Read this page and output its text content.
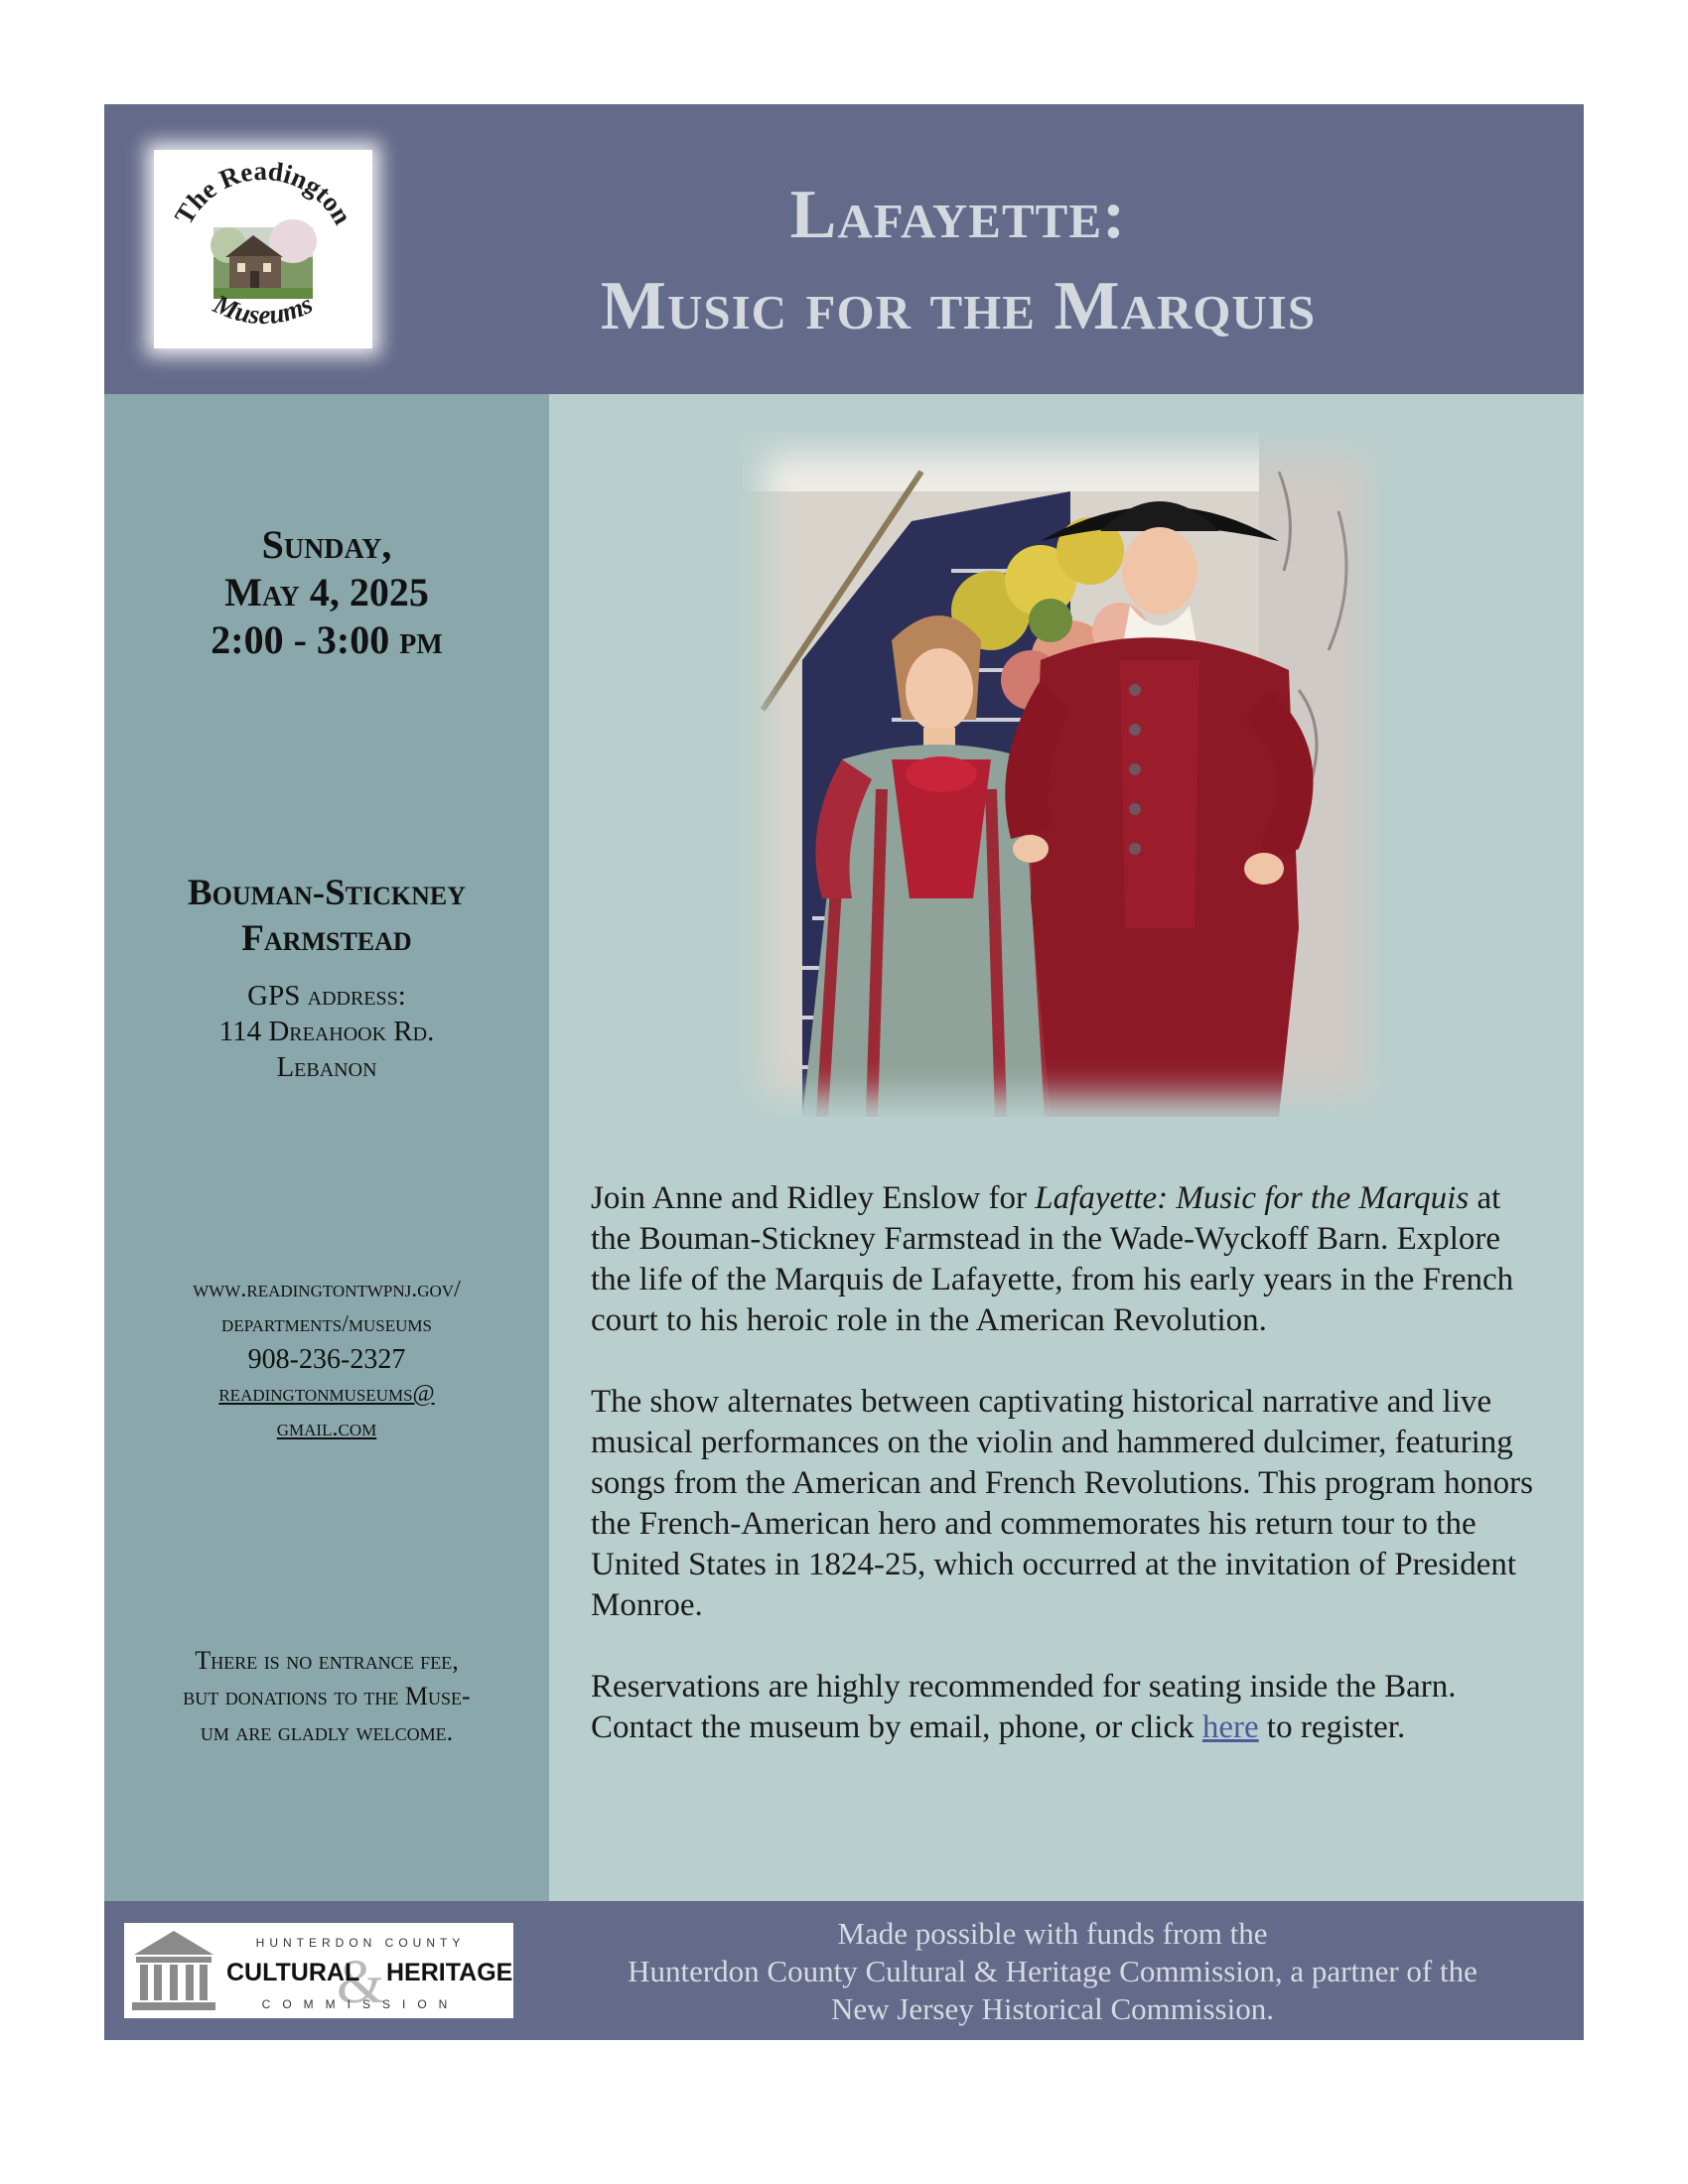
The Readington
Museums
Lafayette:
Music for the Marquis
Sunday,
May 4, 2025
2:00 - 3:00 pm
Bouman-Stickney
Farmstead
GPS address:
114 Dreahook Rd.
Lebanon
www.readingtontwpnj.gov/
departments/museums
908-236-2327
readingtonmuseums@
gmail.com
There is no entrance fee,
but donations to the Muse-
um are gladly welcome.

Join Anne and Ridley Enslow for Lafayette: Music for the Marquis at the Bouman-Stickney Farmstead in the Wade-Wyckoff Barn. Explore the life of the Marquis de Lafayette, from his early years in the French court to his heroic role in the American Revolution.

The show alternates between captivating historical narrative and live musical performances on the violin and hammered dulcimer, featuring songs from the American and French Revolutions. This program honors the French-American hero and commemorates his return tour to the United States in 1824-25, which occurred at the invitation of President Monroe.

Reservations are highly recommended for seating inside the Barn. Contact the museum by email, phone, or click here to register.

HUNTERDON COUNTY
&
CULTURAL HERITAGE
COMMISSION
Made possible with funds from the
Hunterdon County Cultural & Heritage Commission, a partner of the
New Jersey Historical Commission.
